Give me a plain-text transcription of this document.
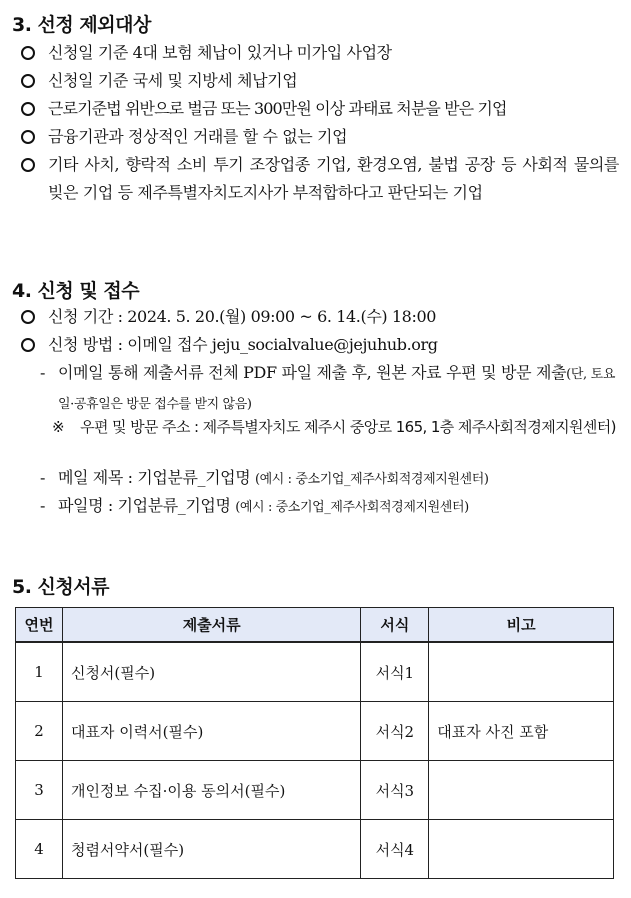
3. 선정 제외대상
신청일 기준 4대 보험 체납이 있거나 미가입 사업장
신청일 기준 국세 및 지방세 체납기업
근로기준법 위반으로 벌금 또는 300만원 이상 과태료 처분을 받은 기업
금융기관과 정상적인 거래를 할 수 없는 기업
기타 사치, 향락적 소비 투기 조장업종 기업, 환경오염, 불법 공장 등 사회적 물의를 빚은 기업 등 제주특별자치도지사가 부적합하다고 판단되는 기업
4. 신청 및 접수
신청 기간 : 2024. 5. 20.(월) 09:00 ~ 6. 14.(수) 18:00
신청 방법 : 이메일 접수 jeju_socialvalue@jejuhub.org
- 이메일 통해 제출서류 전체 PDF 파일 제출 후, 원본 자료 우편 및 방문 제출(단, 토요일·공휴일은 방문 접수를 받지 않음)
※	우편 및 방문 주소 : 제주특별자치도 제주시 중앙로 165, 1층 제주사회적경제지원센터)
- 메일 제목 : 기업분류_기업명 (예시 : 중소기업_제주사회적경제지원센터)
- 파일명 : 기업분류_기업명 (예시 : 중소기업_제주사회적경제지원센터)
5. 신청서류
연번	제출서류	서식	비고
1	신청서(필수)	서식1	
2	대표자 이력서(필수)	서식2	대표자 사진 포함
3	개인정보 수집·이용 동의서(필수)	서식3	
4	청렴서약서(필수)	서식4	
